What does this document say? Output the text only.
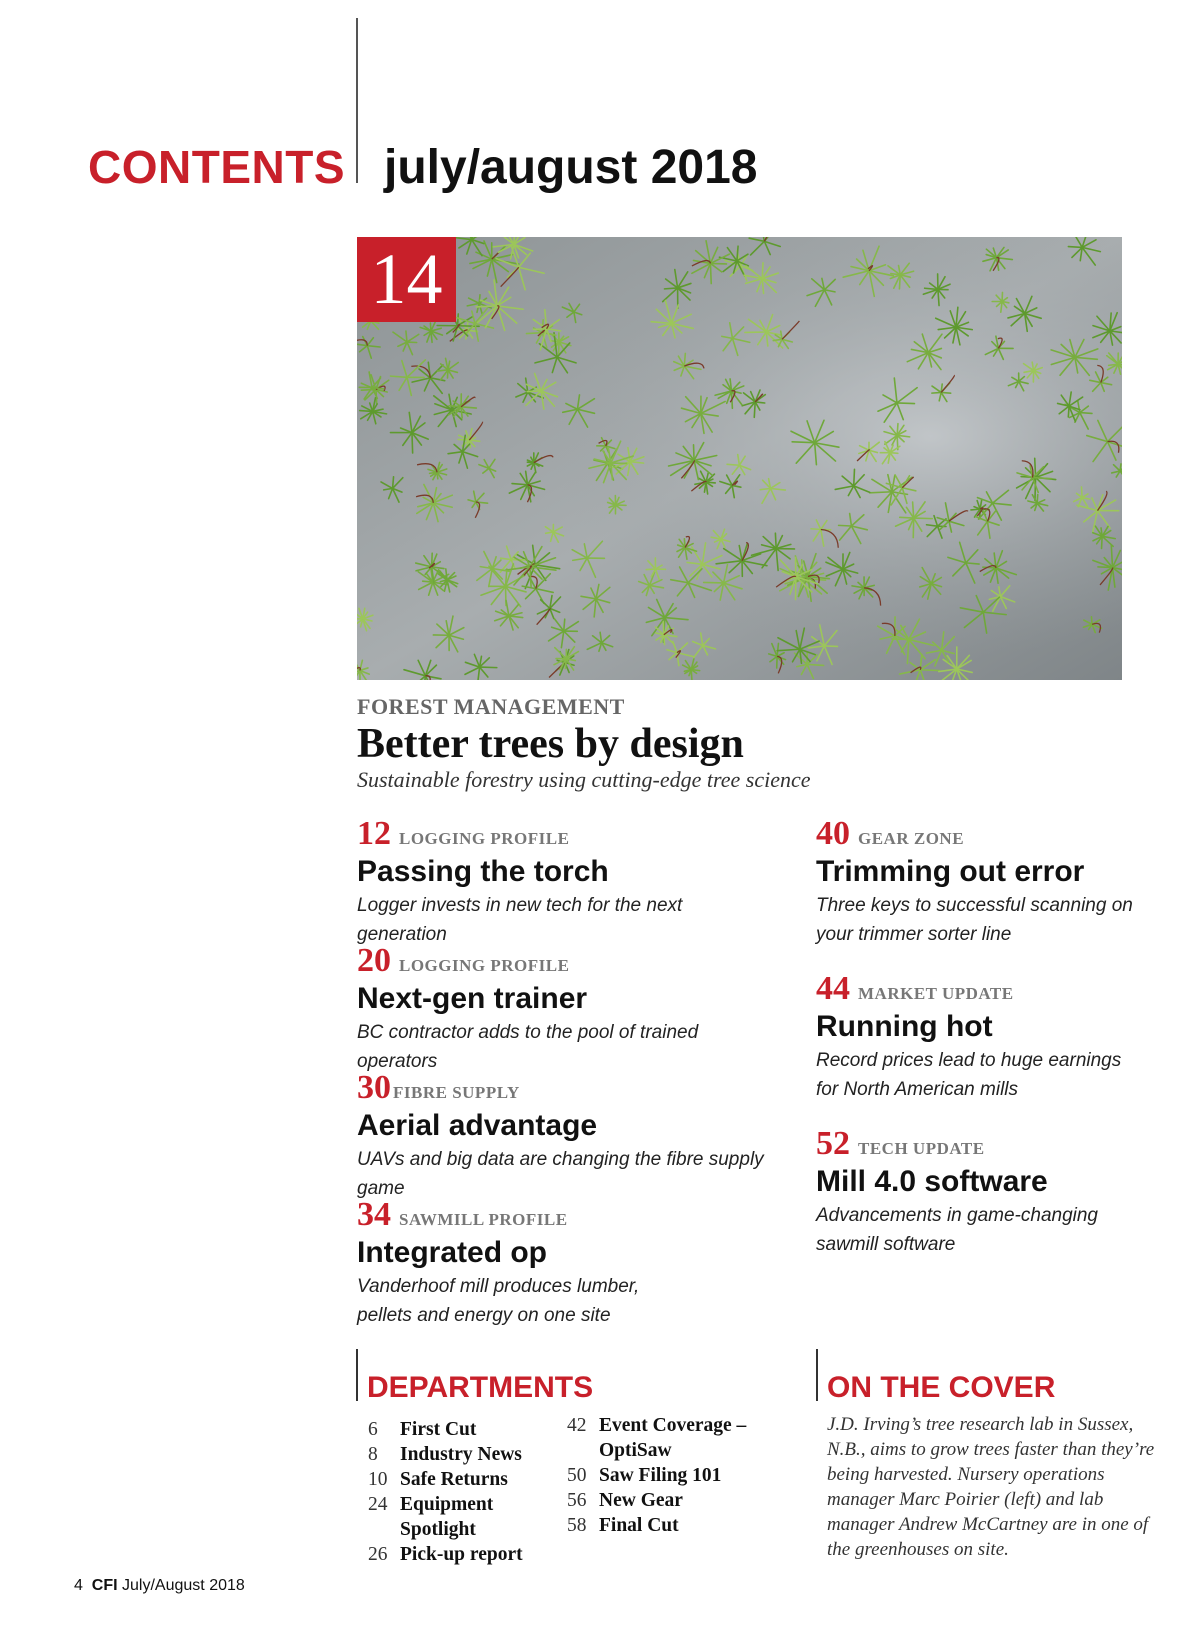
CONTENTS july/august 2018
14
FOREST MANAGEMENT
Better trees by design
Sustainable forestry using cutting-edge tree science
12 LOGGING PROFILE
Passing the torch
Logger invests in new tech for the next generation
20 LOGGING PROFILE
Next-gen trainer
BC contractor adds to the pool of trained operators
30 FIBRE SUPPLY
Aerial advantage
UAVs and big data are changing the fibre supply game
34 SAWMILL PROFILE
Integrated op
Vanderhoof mill produces lumber, pellets and energy on one site
40 GEAR ZONE
Trimming out error
Three keys to successful scanning on your trimmer sorter line
44 MARKET UPDATE
Running hot
Record prices lead to huge earnings for North American mills
52 TECH UPDATE
Mill 4.0 software
Advancements in game-changing sawmill software
DEPARTMENTS
6	First Cut
8	Industry News
10 Safe Returns
24 Equipment Spotlight
26 Pick-up report
42 Event Coverage – OptiSaw
50 Saw Filing 101
56 New Gear
58 Final Cut
ON THE COVER
J.D. Irving’s tree research lab in Sussex, N.B., aims to grow trees faster than they’re being harvested. Nursery operations manager Marc Poirier (left) and lab manager Andrew McCartney are in one of the greenhouses on site.
4 CFI July/August 2018
